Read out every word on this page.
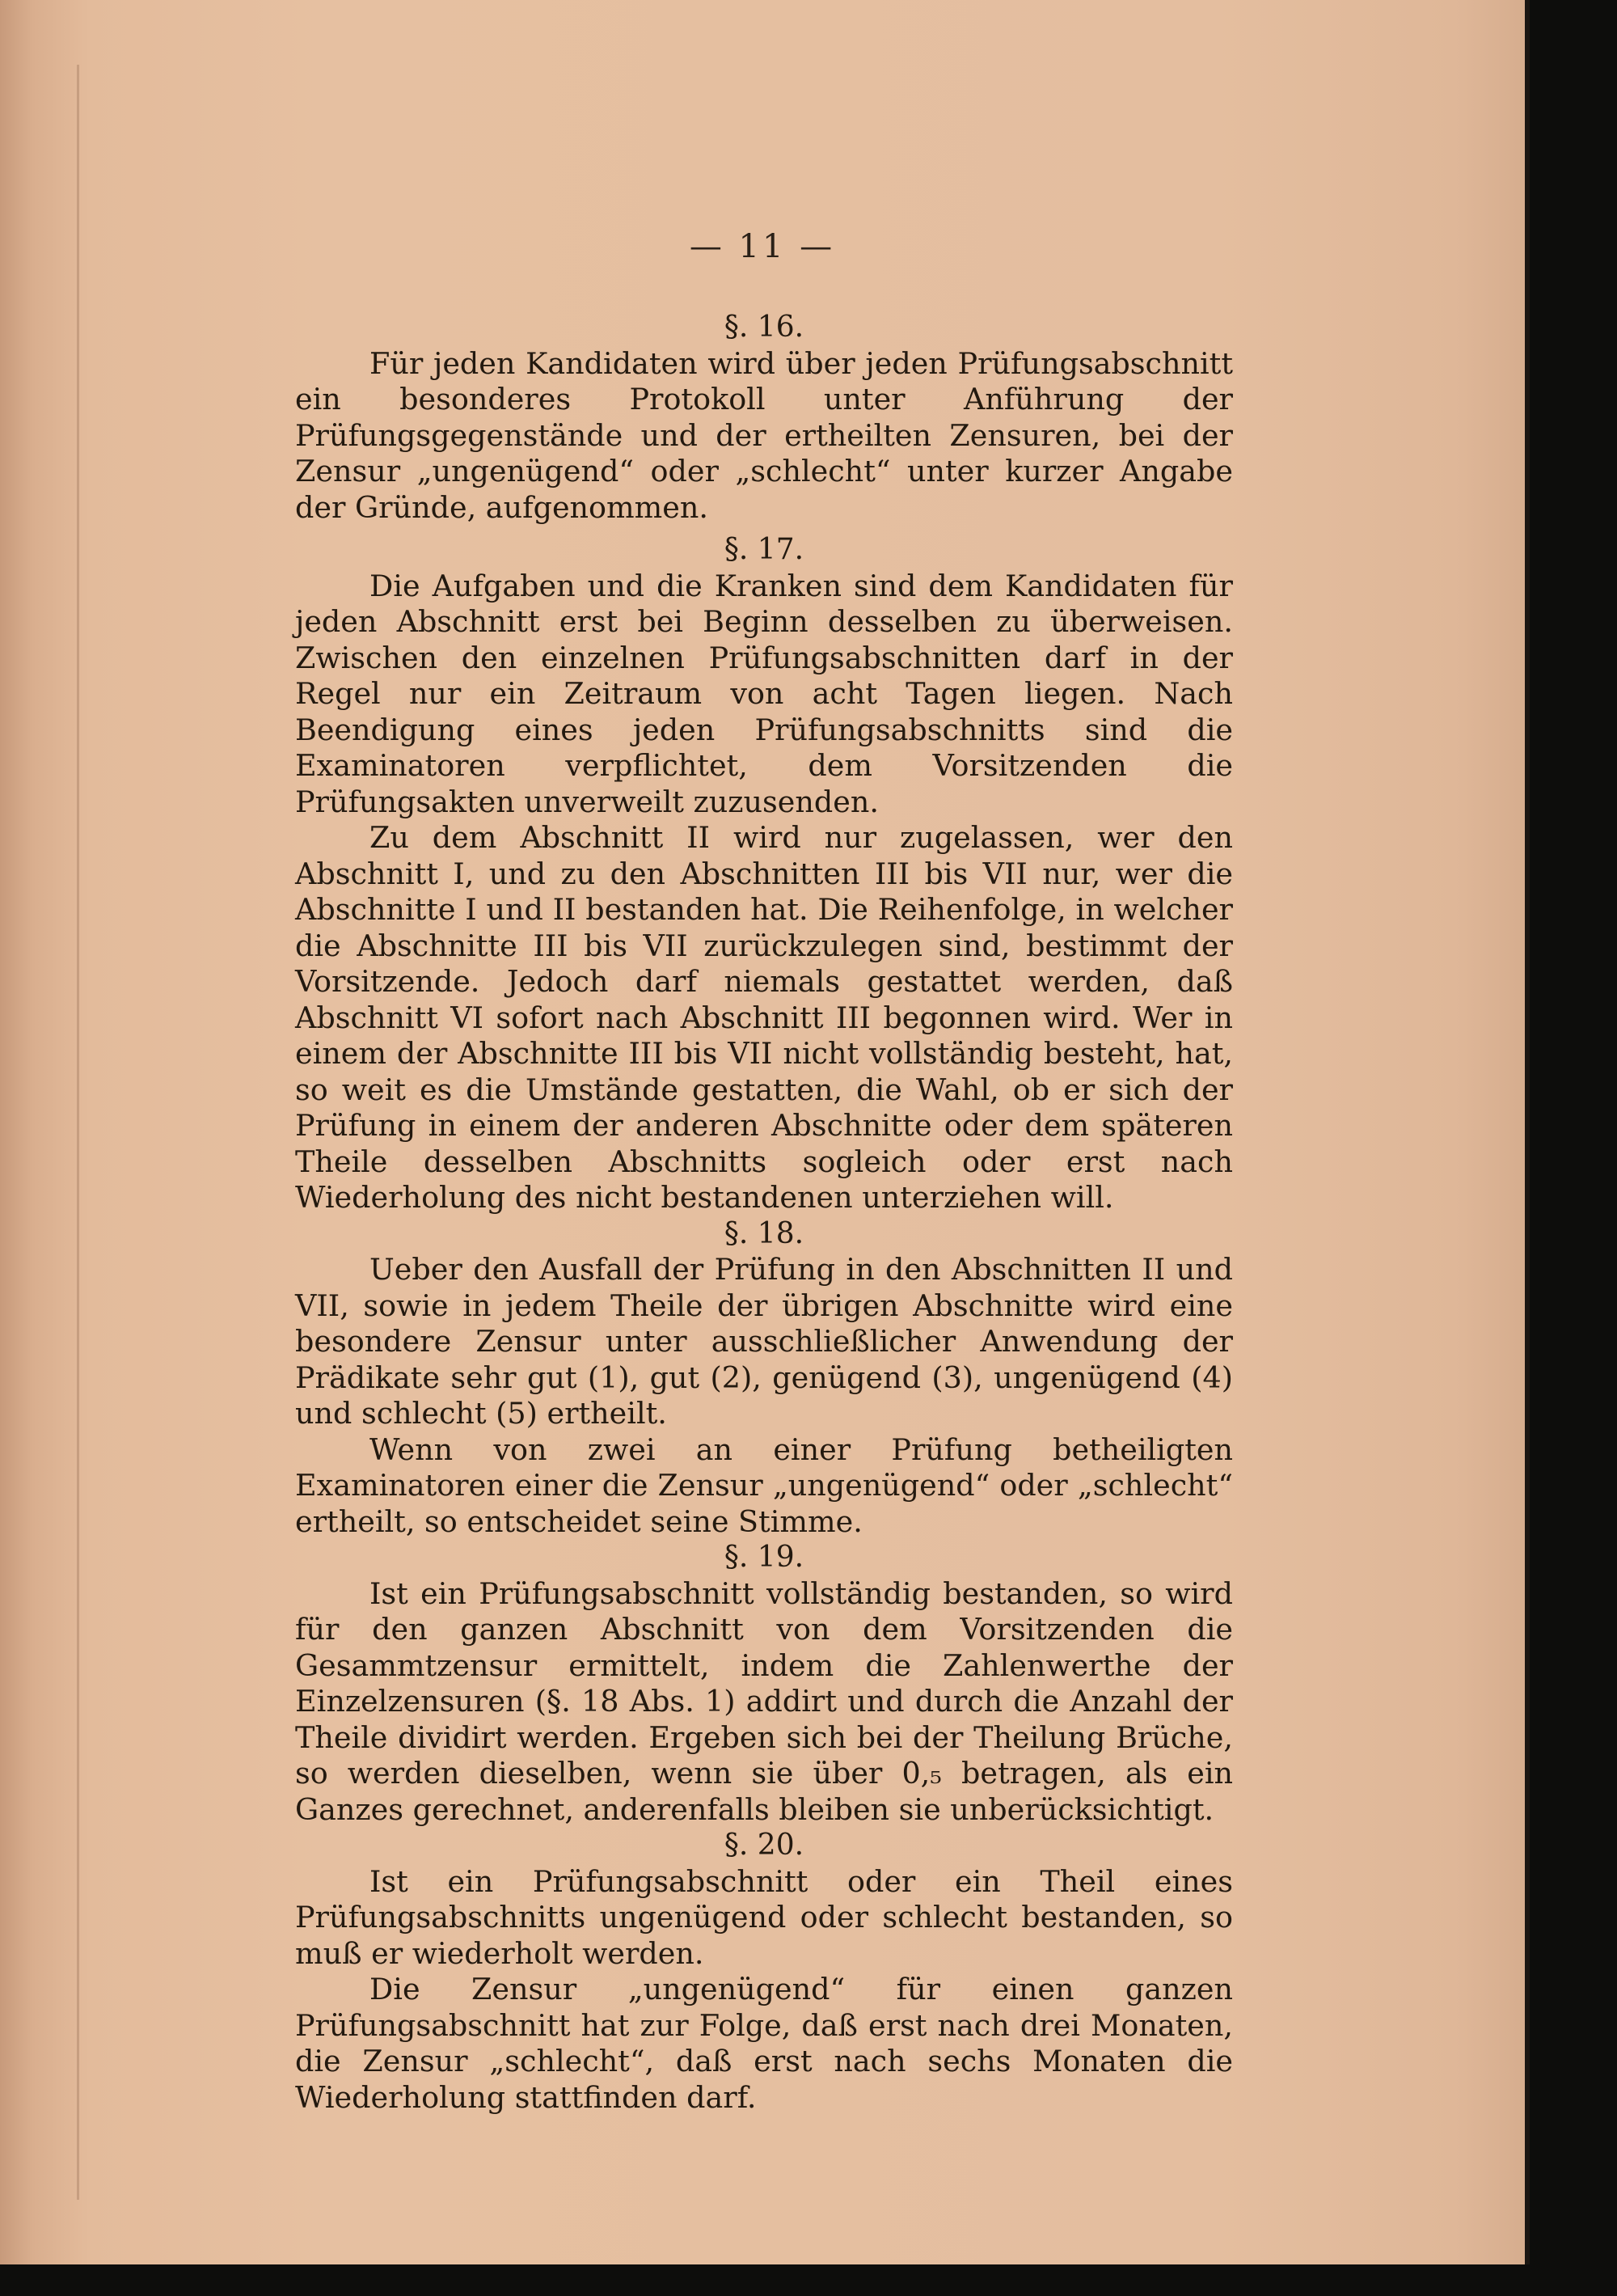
— 11 —

§. 16.

Für jeden Kandidaten wird über jeden Prüfungsabschnitt ein besonderes Protokoll unter Anführung der Prüfungsgegenstände und der ertheilten Zensuren, bei der Zensur „ungenügend“ oder „schlecht“ unter kurzer Angabe der Gründe, aufgenommen.

§. 17.

Die Aufgaben und die Kranken sind dem Kandidaten für jeden Abschnitt erst bei Beginn desselben zu überweisen. Zwischen den einzelnen Prüfungsabschnitten darf in der Regel nur ein Zeitraum von acht Tagen liegen. Nach Beendigung eines jeden Prüfungsabschnitts sind die Examinatoren verpflichtet, dem Vorsitzenden die Prüfungsakten unverweilt zuzusenden.

Zu dem Abschnitt II wird nur zugelassen, wer den Abschnitt I, und zu den Abschnitten III bis VII nur, wer die Abschnitte I und II bestanden hat. Die Reihenfolge, in welcher die Abschnitte III bis VII zurückzulegen sind, bestimmt der Vorsitzende. Jedoch darf niemals gestattet werden, daß Abschnitt VI sofort nach Abschnitt III begonnen wird. Wer in einem der Abschnitte III bis VII nicht vollständig besteht, hat, so weit es die Umstände gestatten, die Wahl, ob er sich der Prüfung in einem der anderen Abschnitte oder dem späteren Theile desselben Abschnitts sogleich oder erst nach Wiederholung des nicht bestandenen unterziehen will.

§. 18.

Ueber den Ausfall der Prüfung in den Abschnitten II und VII, sowie in jedem Theile der übrigen Abschnitte wird eine besondere Zensur unter ausschließlicher Anwendung der Prädikate sehr gut (1), gut (2), genügend (3), ungenügend (4) und schlecht (5) ertheilt.

Wenn von zwei an einer Prüfung betheiligten Examinatoren einer die Zensur „ungenügend“ oder „schlecht“ ertheilt, so entscheidet seine Stimme.

§. 19.

Ist ein Prüfungsabschnitt vollständig bestanden, so wird für den ganzen Abschnitt von dem Vorsitzenden die Gesammtzensur ermittelt, indem die Zahlenwerthe der Einzelzensuren (§. 18 Abs. 1) addirt und durch die Anzahl der Theile dividirt werden. Ergeben sich bei der Theilung Brüche, so werden dieselben, wenn sie über 0,₅ betragen, als ein Ganzes gerechnet, anderenfalls bleiben sie unberücksichtigt.

§. 20.

Ist ein Prüfungsabschnitt oder ein Theil eines Prüfungsabschnitts ungenügend oder schlecht bestanden, so muß er wiederholt werden.

Die Zensur „ungenügend“ für einen ganzen Prüfungsabschnitt hat zur Folge, daß erst nach drei Monaten, die Zensur „schlecht“, daß erst nach sechs Monaten die Wiederholung stattfinden darf.
